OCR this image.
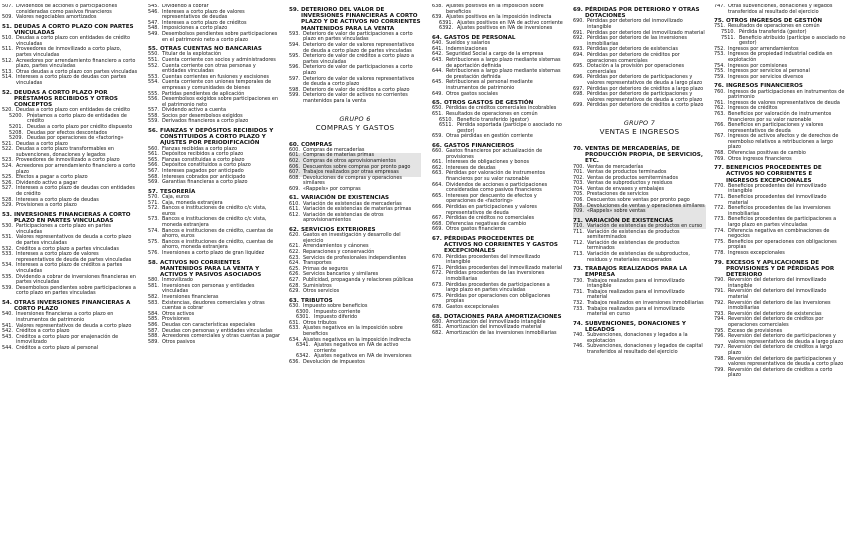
507. Dividendos de acciones o participaciones consideradas como pasivos financieros
509. Valores negociables amortizados
51. DEUDAS A CORTO PLAZO CON PARTES VINCULADAS
510. Deudas a corto plazo con entidades de crédito vinculadas
511. Proveedores de inmovilizado a corto plazo, partes vinculadas
512. Acreedores por arrendamiento financiero a corto plazo, partes vinculadas
513. Otras deudas a corto plazo con partes vinculadas
514. Intereses a corto plazo de deudas con partes vinculadas
52. DEUDAS A CORTO PLAZO POR PRÉSTAMOS RECIBIDOS Y OTROS CONCEPTOS
520. Deudas a corto plazo con entidades de crédito
5200. Préstamos a corto plazo de entidades de crédito
5201. Deudas a corto plazo por crédito dispuesto
5208. Deudas por efectos descontados
5209. Deudas por operaciones de «factoring»
521. Deudas a corto plazo
522. Deudas a corto plazo transformables en subvenciones, donaciones y legados
523. Proveedores de inmovilizado a corto plazo
524. Acreedores por arrendamiento financiero a corto plazo
525. Efectos a pagar a corto plazo
526. Dividendo activo a pagar
527. Intereses a corto plazo de deudas con entidades de crédito
528. Intereses a corto plazo de deudas
529. Provisiones a corto plazo
53. INVERSIONES FINANCIERAS A CORTO PLAZO EN PARTES VINCULADAS
530. Participaciones a corto plazo en partes vinculadas
531. Valores representativos de deuda a corto plazo de partes vinculadas
532. Créditos a corto plazo a partes vinculadas
533. Intereses a corto plazo de valores representativos de deuda de partes vinculadas
534. Intereses a corto plazo de créditos a partes vinculadas
535. Dividendo a cobrar de inversiones financieras en partes vinculadas
539. Desembolsos pendientes sobre participaciones a corto plazo en partes vinculadas
54. OTRAS INVERSIONES FINANCIERAS A CORTO PLAZO
540. Inversiones financieras a corto plazo en instrumentos de patrimonio
541. Valores representativos de deuda a corto plazo
542. Créditos a corto plazo
543. Créditos a corto plazo por enajenación de inmovilizado
544. Créditos a corto plazo al personal
545. Dividendo a cobrar
546. Intereses a corto plazo de valores representativos de deudas
547. Intereses a corto plazo de créditos
548. Imposiciones a corto plazo
549. Desembolsos pendientes sobre participaciones en el patrimonio neto a corto plazo
55. OTRAS CUENTAS NO BANCARIAS
550. Titular de la explotación
551. Cuenta corriente con socios y administradores
552. Cuenta corriente con otras personas y entidades vinculadas
553. Cuentas corrientes en fusiones y escisiones
554. Cuenta corriente con uniones temporales de empresas y comunidades de bienes
555. Partidas pendientes de aplicación
556. Desembolsos exigidos sobre participaciones en el patrimonio neto
557. Dividendo activo a cuenta
558. Socios por desembolsos exigidos
559. Derivados financieros a corto plazo
56. FIANZAS Y DEPÓSITOS RECIBIDOS Y CONSTITUIDOS A CORTO PLAZO Y AJUSTES POR PERIODIFICACIÓN
560. Fianzas recibidas a corto plazo
561. Depósitos recibidos a corto plazo
565. Fianzas constituidas a corto plazo
566. Depósitos constituidos a corto plazo
567. Intereses pagados por anticipado
568. Intereses cobrados por anticipado
569. Garantías financieras a corto plazo
57. TESORERÍA
570. Caja, euros
571. Caja, moneda extranjera
572. Bancos e instituciones de crédito c/c vista, euros
573. Bancos e instituciones de crédito c/c vista, moneda extranjera
574. Bancos e instituciones de crédito, cuentas de ahorro, euros
575. Bancos e instituciones de crédito, cuentas de ahorro, moneda extranjera
576. Inversiones a corto plazo de gran liquidez
58. ACTIVOS NO CORRIENTES MANTENIDOS PARA LA VENTA Y ACTIVOS Y PASIVOS ASOCIADOS
580. Inmovilizado
581. Inversiones con personas y entidades vinculadas
582. Inversiones financieras
583. Existencias, deudores comerciales y otras cuentas a cobrar
584. Otros activos
585. Provisiones
586. Deudas con características especiales
587. Deudas con personas y entidades vinculadas
588. Acreedores comerciales y otras cuentas a pagar
589. Otros pasivos
59. DETERIORO DEL VALOR DE INVERSIONES FINANCIERAS A CORTO PLAZO Y DE ACTIVOS NO CORRIENTES MANTENIDOS PARA LA VENTA
593. Deterioro de valor de participaciones a corto plazo en partes vinculadas
594. Deterioro de valor de valores representativos de deuda a corto plazo de partes vinculadas
595. Deterioro de valor de créditos a corto plazo a partes vinculadas
596. Deterioro de valor de participaciones a corto plazo
597. Deterioro de valor de valores representativos de deuda a corto plazo
598. Deterioro de valor de créditos a corto plazo
599. Deterioro de valor de activos no corrientes mantenidos para la venta
GRUPO 6
COMPRAS Y GASTOS
60. COMPRAS
600. Compras de mercaderías
601. Compras de materias primas
602. Compras de otros aprovisionamientos
606. Descuentos sobre compras por pronto pago
607. Trabajos realizados por otras empresas
608. Devoluciones de compras y operaciones similares
609. «Rappels» por compras
61. VARIACIÓN DE EXISTENCIAS
610. Variación de existencias de mercaderías
611. Variación de existencias de materias primas
612. Variación de existencias de otros aprovisionamientos
62. SERVICIOS EXTERIORES
620. Gastos en investigación y desarrollo del ejercicio
621. Arrendamientos y cánones
622. Reparaciones y conservación
623. Servicios de profesionales independientes
624. Transportes
625. Primas de seguros
626. Servicios bancarios y similares
627. Publicidad, propaganda y relaciones públicas
628. Suministros
629. Otros servicios
63. TRIBUTOS
630. Impuesto sobre beneficios
6300. Impuesto corriente
6301. Impuesto diferido
631. Otros tributos
633. Ajustes negativos en la imposición sobre beneficios
634. Ajustes negativos en la imposición indirecta
6341. Ajustes negativos en IVA de activo corriente
6342. Ajustes negativos en IVA de inversiones
636. Devolución de impuestos
638. Ajustes positivos en la imposición sobre beneficios
639. Ajustes positivos en la imposición indirecta
6391. Ajustes positivos en IVA de activo corriente
6392. Ajustes positivos en IVA de inversiones
64. GASTOS DE PERSONAL
640. Sueldos y salarios
641. Indemnizaciones
642. Seguridad Social a cargo de la empresa
643. Retribuciones a largo plazo mediante sistemas de aportación definida
644. Retribuciones a largo plazo mediante sistemas de prestación definida
645. Retribuciones al personal mediante instrumentos de patrimonio
649. Otros gastos sociales
65. OTROS GASTOS DE GESTIÓN
650. Pérdidas de créditos comerciales incobrables
651. Resultados de operaciones en común
6510. Beneficio transferido (gestor)
6511. Pérdida soportada (partícipe o asociado no gestor)
659. Otras pérdidas en gestión corriente
66. GASTOS FINANCIEROS
660. Gastos financieros por actualización de provisiones
661. Intereses de obligaciones y bonos
662. Intereses de deudas
663. Pérdidas por valoración de instrumentos financieros por su valor razonable
664. Dividendos de acciones o participaciones consideradas como pasivos financieros
665. Intereses por descuento de efectos y operaciones de «factoring»
666. Pérdidas en participaciones y valores representativos de deuda
667. Pérdidas de créditos no comerciales
668. Diferencias negativas de cambio
669. Otros gastos financieros
67. PÉRDIDAS PROCEDENTES DE ACTIVOS NO CORRIENTES Y GASTOS EXCEPCIONALES
670. Pérdidas procedentes del inmovilizado intangible
671. Pérdidas procedentes del inmovilizado material
672. Pérdidas procedentes de las inversiones inmobiliarias
673. Pérdidas procedentes de participaciones a largo plazo en partes vinculadas
675. Pérdidas por operaciones con obligaciones propias
678. Gastos excepcionales
68. DOTACIONES PARA AMORTIZACIONES
680. Amortización del inmovilizado intangible
681. Amortización del inmovilizado material
682. Amortización de las inversiones inmobiliarias
69. PÉRDIDAS POR DETERIORO Y OTRAS DOTACIONES
690. Pérdidas por deterioro del inmovilizado intangible
691. Pérdidas por deterioro del inmovilizado material
692. Pérdidas por deterioro de las inversiones inmobiliarias
693. Pérdidas por deterioro de existencias
694. Pérdidas por deterioro de créditos por operaciones comerciales
695. Dotación a la provisión por operaciones comerciales
696. Pérdidas por deterioro de participaciones y valores representativos de deuda a largo plazo
697. Pérdidas por deterioro de créditos a largo plazo
698. Pérdidas por deterioro de participaciones y valores representativos de deuda a corto plazo
699. Pérdidas por deterioro de créditos a corto plazo
GRUPO 7
VENTAS E INGRESOS
70. VENTAS DE MERCADERÍAS, DE PRODUCCIÓN PROPIA, DE SERVICIOS, ETC.
700. Ventas de mercaderías
701. Ventas de productos terminados
702. Ventas de productos semiterminados
703. Ventas de subproductos y residuos
704. Ventas de envases y embalajes
705. Prestaciones de servicios
706. Descuentos sobre ventas por pronto pago
708. Devoluciones de ventas y operaciones similares
709. «Rappels» sobre ventas
71. VARIACIÓN DE EXISTENCIAS
710. Variación de existencias de productos en curso
711. Variación de existencias de productos semiterminados
712. Variación de existencias de productos terminados
713. Variación de existencias de subproductos, residuos y materiales recuperados
73. TRABAJOS REALIZADOS PARA LA EMPRESA
730. Trabajos realizados para el inmovilizado intangible
731. Trabajos realizados para el inmovilizado material
732. Trabajos realizados en inversiones inmobiliarias
733. Trabajos realizados para el inmovilizado material en curso
74. SUBVENCIONES, DONACIONES Y LEGADOS
740. Subvenciones, donaciones y legados a la explotación
746. Subvenciones, donaciones y legados de capital transferidos al resultado del ejercicio
747. Otras subvenciones, donaciones y legados transferidos al resultado del ejercicio
75. OTROS INGRESOS DE GESTIÓN
751. Resultados de operaciones en común
7510. Pérdida transferida (gestor)
7511. Beneficio atribuido (partícipe o asociado no gestor)
752. Ingresos por arrendamientos
753. Ingresos de propiedad industrial cedida en explotación
754. Ingresos por comisiones
755. Ingresos por servicios al personal
759. Ingresos por servicios diversos
76. INGRESOS FINANCIEROS
760. Ingresos de participaciones en instrumentos de patrimonio
761. Ingresos de valores representativos de deuda
762. Ingresos de créditos
763. Beneficios por valoración de instrumentos financieros por su valor razonable
766. Beneficios en participaciones y valores representativos de deuda
767. Ingresos de activos afectos y de derechos de reembolso relativos a retribuciones a largo plazo
768. Diferencias positivas de cambio
769. Otros ingresos financieros
77. BENEFICIOS PROCEDENTES DE ACTIVOS NO CORRIENTES E INGRESOS EXCEPCIONALES
770. Beneficios procedentes del inmovilizado intangible
771. Beneficios procedentes del inmovilizado material
772. Beneficios procedentes de las inversiones inmobiliarias
773. Beneficios procedentes de participaciones a largo plazo en partes vinculadas
774. Diferencia negativa en combinaciones de negocios
775. Beneficios por operaciones con obligaciones propias
778. Ingresos excepcionales
79. EXCESOS Y APLICACIONES DE PROVISIONES Y DE PÉRDIDAS POR DETERIORO
790. Reversión del deterioro del inmovilizado intangible
791. Reversión del deterioro del inmovilizado material
792. Reversión del deterioro de las inversiones inmobiliarias
793. Reversión del deterioro de existencias
794. Reversión del deterioro de créditos por operaciones comerciales
795. Exceso de provisiones
796. Reversión del deterioro de participaciones y valores representativos de deuda a largo plazo
797. Reversión del deterioro de créditos a largo plazo
798. Reversión del deterioro de participaciones y valores representativos de deuda a corto plazo
799. Reversión del deterioro de créditos a corto plazo
